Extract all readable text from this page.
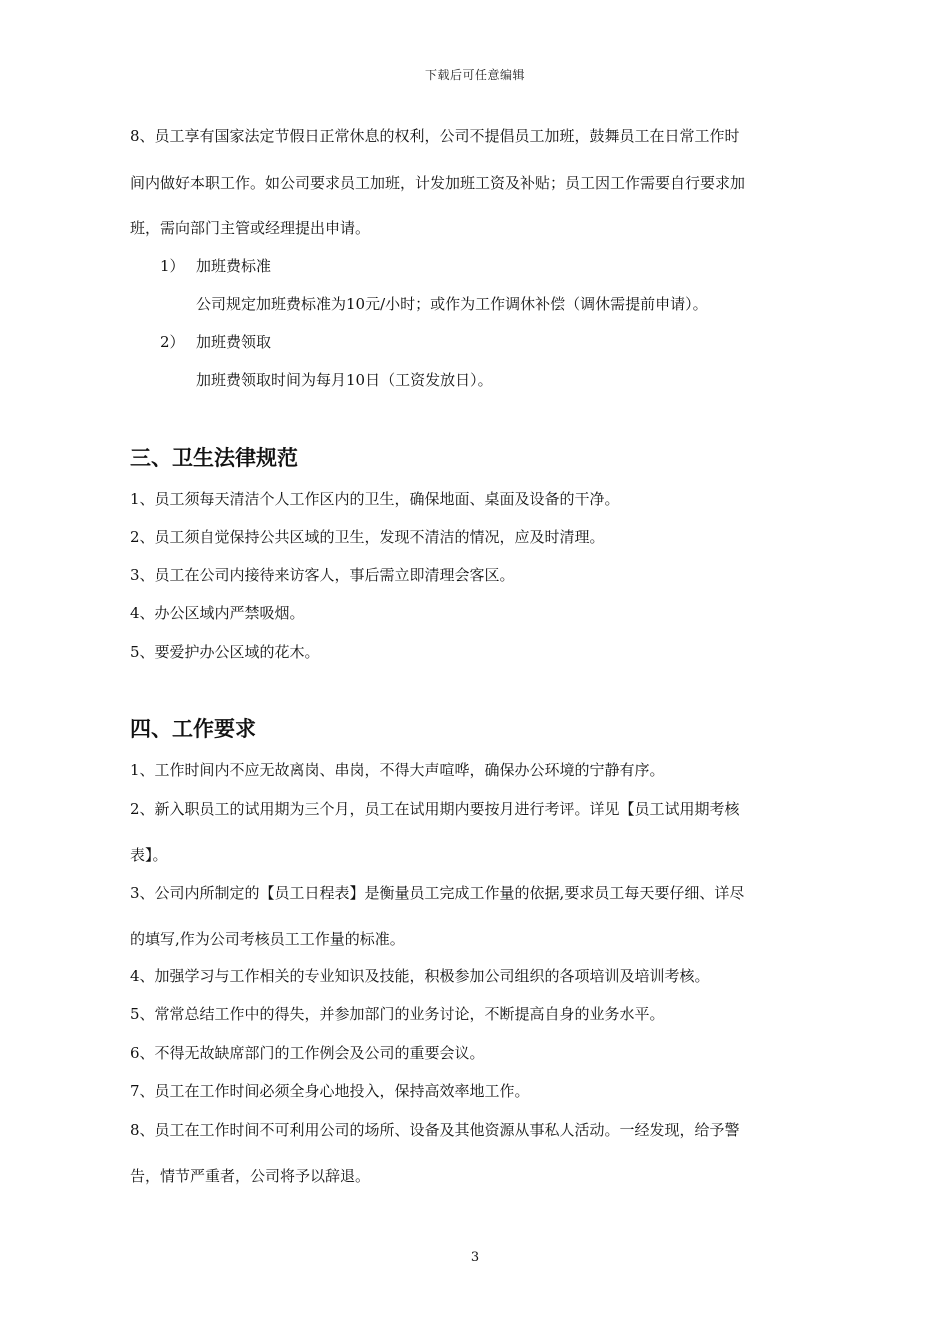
下载后可任意编辑
8、员工享有国家法定节假日正常休息的权利，公司不提倡员工加班，鼓舞员工在日常工作时
间内做好本职工作。如公司要求员工加班，计发加班工资及补贴；员工因工作需要自行要求加
班，需向部门主管或经理提出申请。
1） 加班费标准
公司规定加班费标准为10元/小时；或作为工作调休补偿（调休需提前申请）。
2） 加班费领取
加班费领取时间为每月10日（工资发放日）。
三、卫生法律规范
1、员工须每天清洁个人工作区内的卫生，确保地面、桌面及设备的干净。
2、员工须自觉保持公共区域的卫生，发现不清洁的情况，应及时清理。
3、员工在公司内接待来访客人，事后需立即清理会客区。
4、办公区域内严禁吸烟。
5、要爱护办公区域的花木。
四、工作要求
1、工作时间内不应无故离岗、串岗，不得大声喧哗，确保办公环境的宁静有序。
2、新入职员工的试用期为三个月，员工在试用期内要按月进行考评。详见【员工试用期考核
表】。
3、公司内所制定的【员工日程表】是衡量员工完成工作量的依据,要求员工每天要仔细、详尽
的填写,作为公司考核员工工作量的标准。
4、加强学习与工作相关的专业知识及技能，积极参加公司组织的各项培训及培训考核。
5、常常总结工作中的得失，并参加部门的业务讨论，不断提高自身的业务水平。
6、不得无故缺席部门的工作例会及公司的重要会议。
7、员工在工作时间必须全身心地投入，保持高效率地工作。
8、员工在工作时间不可利用公司的场所、设备及其他资源从事私人活动。一经发现，给予警
告，情节严重者，公司将予以辞退。
3
